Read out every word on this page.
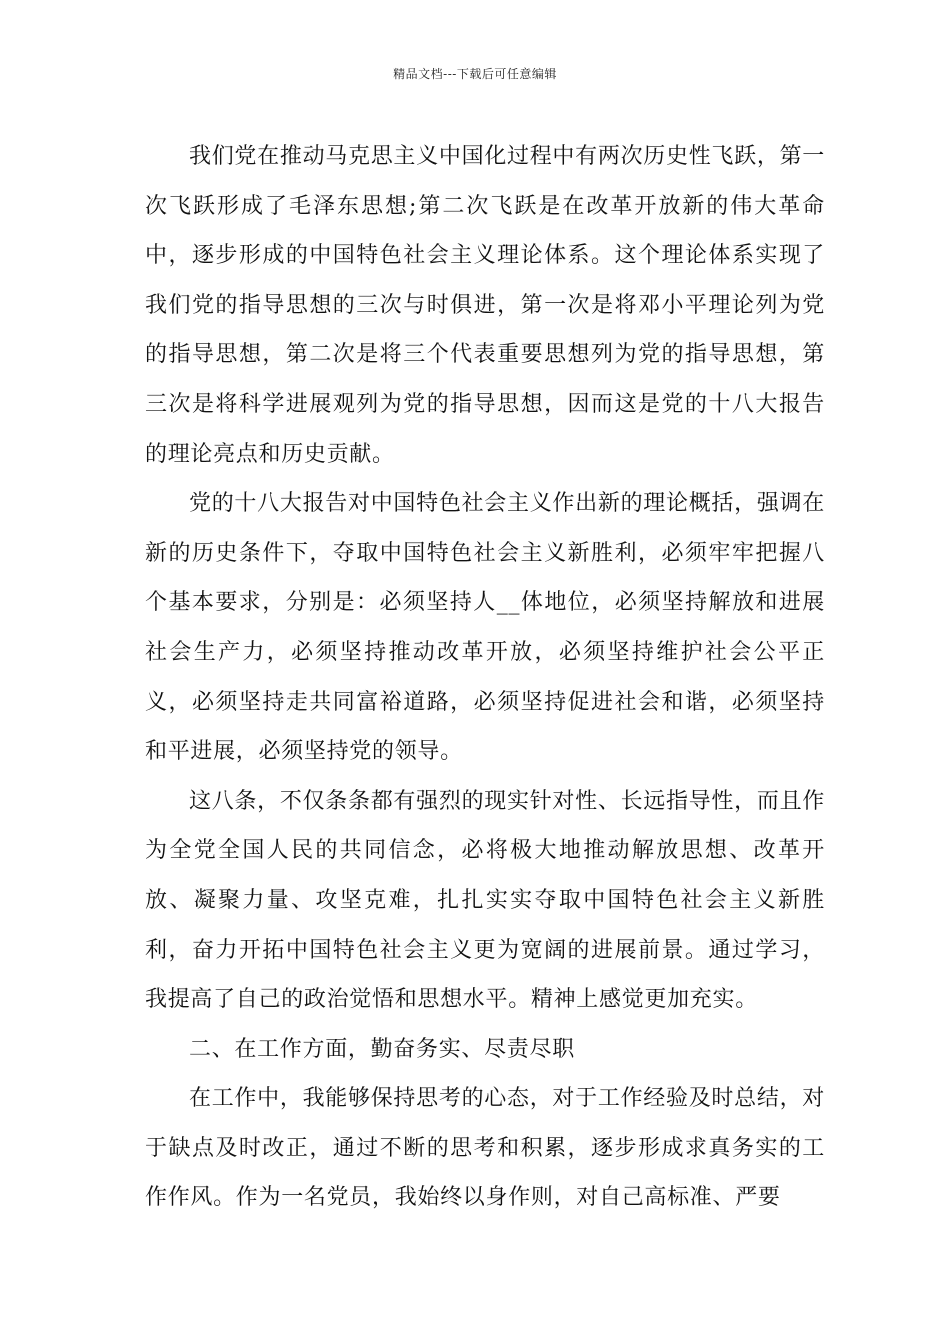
精品文档---下载后可任意编辑

我们党在推动马克思主义中国化过程中有两次历史性飞跃，第一次飞跃形成了毛泽东思想;第二次飞跃是在改革开放新的伟大革命中，逐步形成的中国特色社会主义理论体系。这个理论体系实现了我们党的指导思想的三次与时俱进，第一次是将邓小平理论列为党的指导思想，第二次是将三个代表重要思想列为党的指导思想，第三次是将科学进展观列为党的指导思想，因而这是党的十八大报告的理论亮点和历史贡献。

党的十八大报告对中国特色社会主义作出新的理论概括，强调在新的历史条件下，夺取中国特色社会主义新胜利，必须牢牢把握八个基本要求，分别是：必须坚持人__体地位，必须坚持解放和进展社会生产力，必须坚持推动改革开放，必须坚持维护社会公平正义，必须坚持走共同富裕道路，必须坚持促进社会和谐，必须坚持和平进展，必须坚持党的领导。

这八条，不仅条条都有强烈的现实针对性、长远指导性，而且作为全党全国人民的共同信念，必将极大地推动解放思想、改革开放、凝聚力量、攻坚克难，扎扎实实夺取中国特色社会主义新胜利，奋力开拓中国特色社会主义更为宽阔的进展前景。通过学习，我提高了自己的政治觉悟和思想水平。精神上感觉更加充实。

二、在工作方面，勤奋务实、尽责尽职

在工作中，我能够保持思考的心态，对于工作经验及时总结，对于缺点及时改正，通过不断的思考和积累，逐步形成求真务实的工作作风。作为一名党员，我始终以身作则，对自己高标准、严要
